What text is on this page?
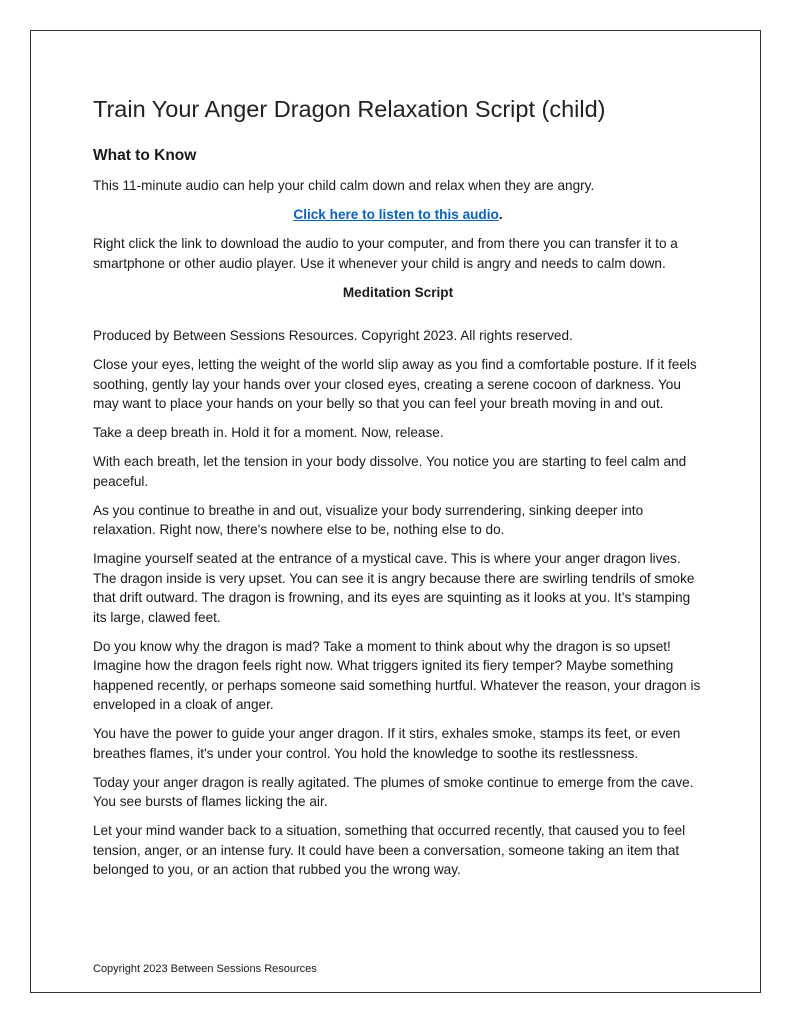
Train Your Anger Dragon Relaxation Script (child)
What to Know

This 11-minute audio can help your child calm down and relax when they are angry.

Click here to listen to this audio.

Right click the link to download the audio to your computer, and from there you can transfer it to a smartphone or other audio player. Use it whenever your child is angry and needs to calm down.

Meditation Script

Produced by Between Sessions Resources. Copyright 2023. All rights reserved.

Close your eyes, letting the weight of the world slip away as you find a comfortable posture. If it feels soothing, gently lay your hands over your closed eyes, creating a serene cocoon of darkness. You may want to place your hands on your belly so that you can feel your breath moving in and out.

Take a deep breath in. Hold it for a moment. Now, release.

With each breath, let the tension in your body dissolve. You notice you are starting to feel calm and peaceful.

As you continue to breathe in and out, visualize your body surrendering, sinking deeper into relaxation. Right now, there's nowhere else to be, nothing else to do.

Imagine yourself seated at the entrance of a mystical cave. This is where your anger dragon lives. The dragon inside is very upset. You can see it is angry because there are swirling tendrils of smoke that drift outward. The dragon is frowning, and its eyes are squinting as it looks at you. It’s stamping its large, clawed feet.

Do you know why the dragon is mad? Take a moment to think about why the dragon is so upset! Imagine how the dragon feels right now. What triggers ignited its fiery temper? Maybe something happened recently, or perhaps someone said something hurtful. Whatever the reason, your dragon is enveloped in a cloak of anger.

You have the power to guide your anger dragon. If it stirs, exhales smoke, stamps its feet, or even breathes flames, it's under your control. You hold the knowledge to soothe its restlessness.

Today your anger dragon is really agitated. The plumes of smoke continue to emerge from the cave. You see bursts of flames licking the air.

Let your mind wander back to a situation, something that occurred recently, that caused you to feel tension, anger, or an intense fury. It could have been a conversation, someone taking an item that belonged to you, or an action that rubbed you the wrong way.

Copyright 2023 Between Sessions Resources
